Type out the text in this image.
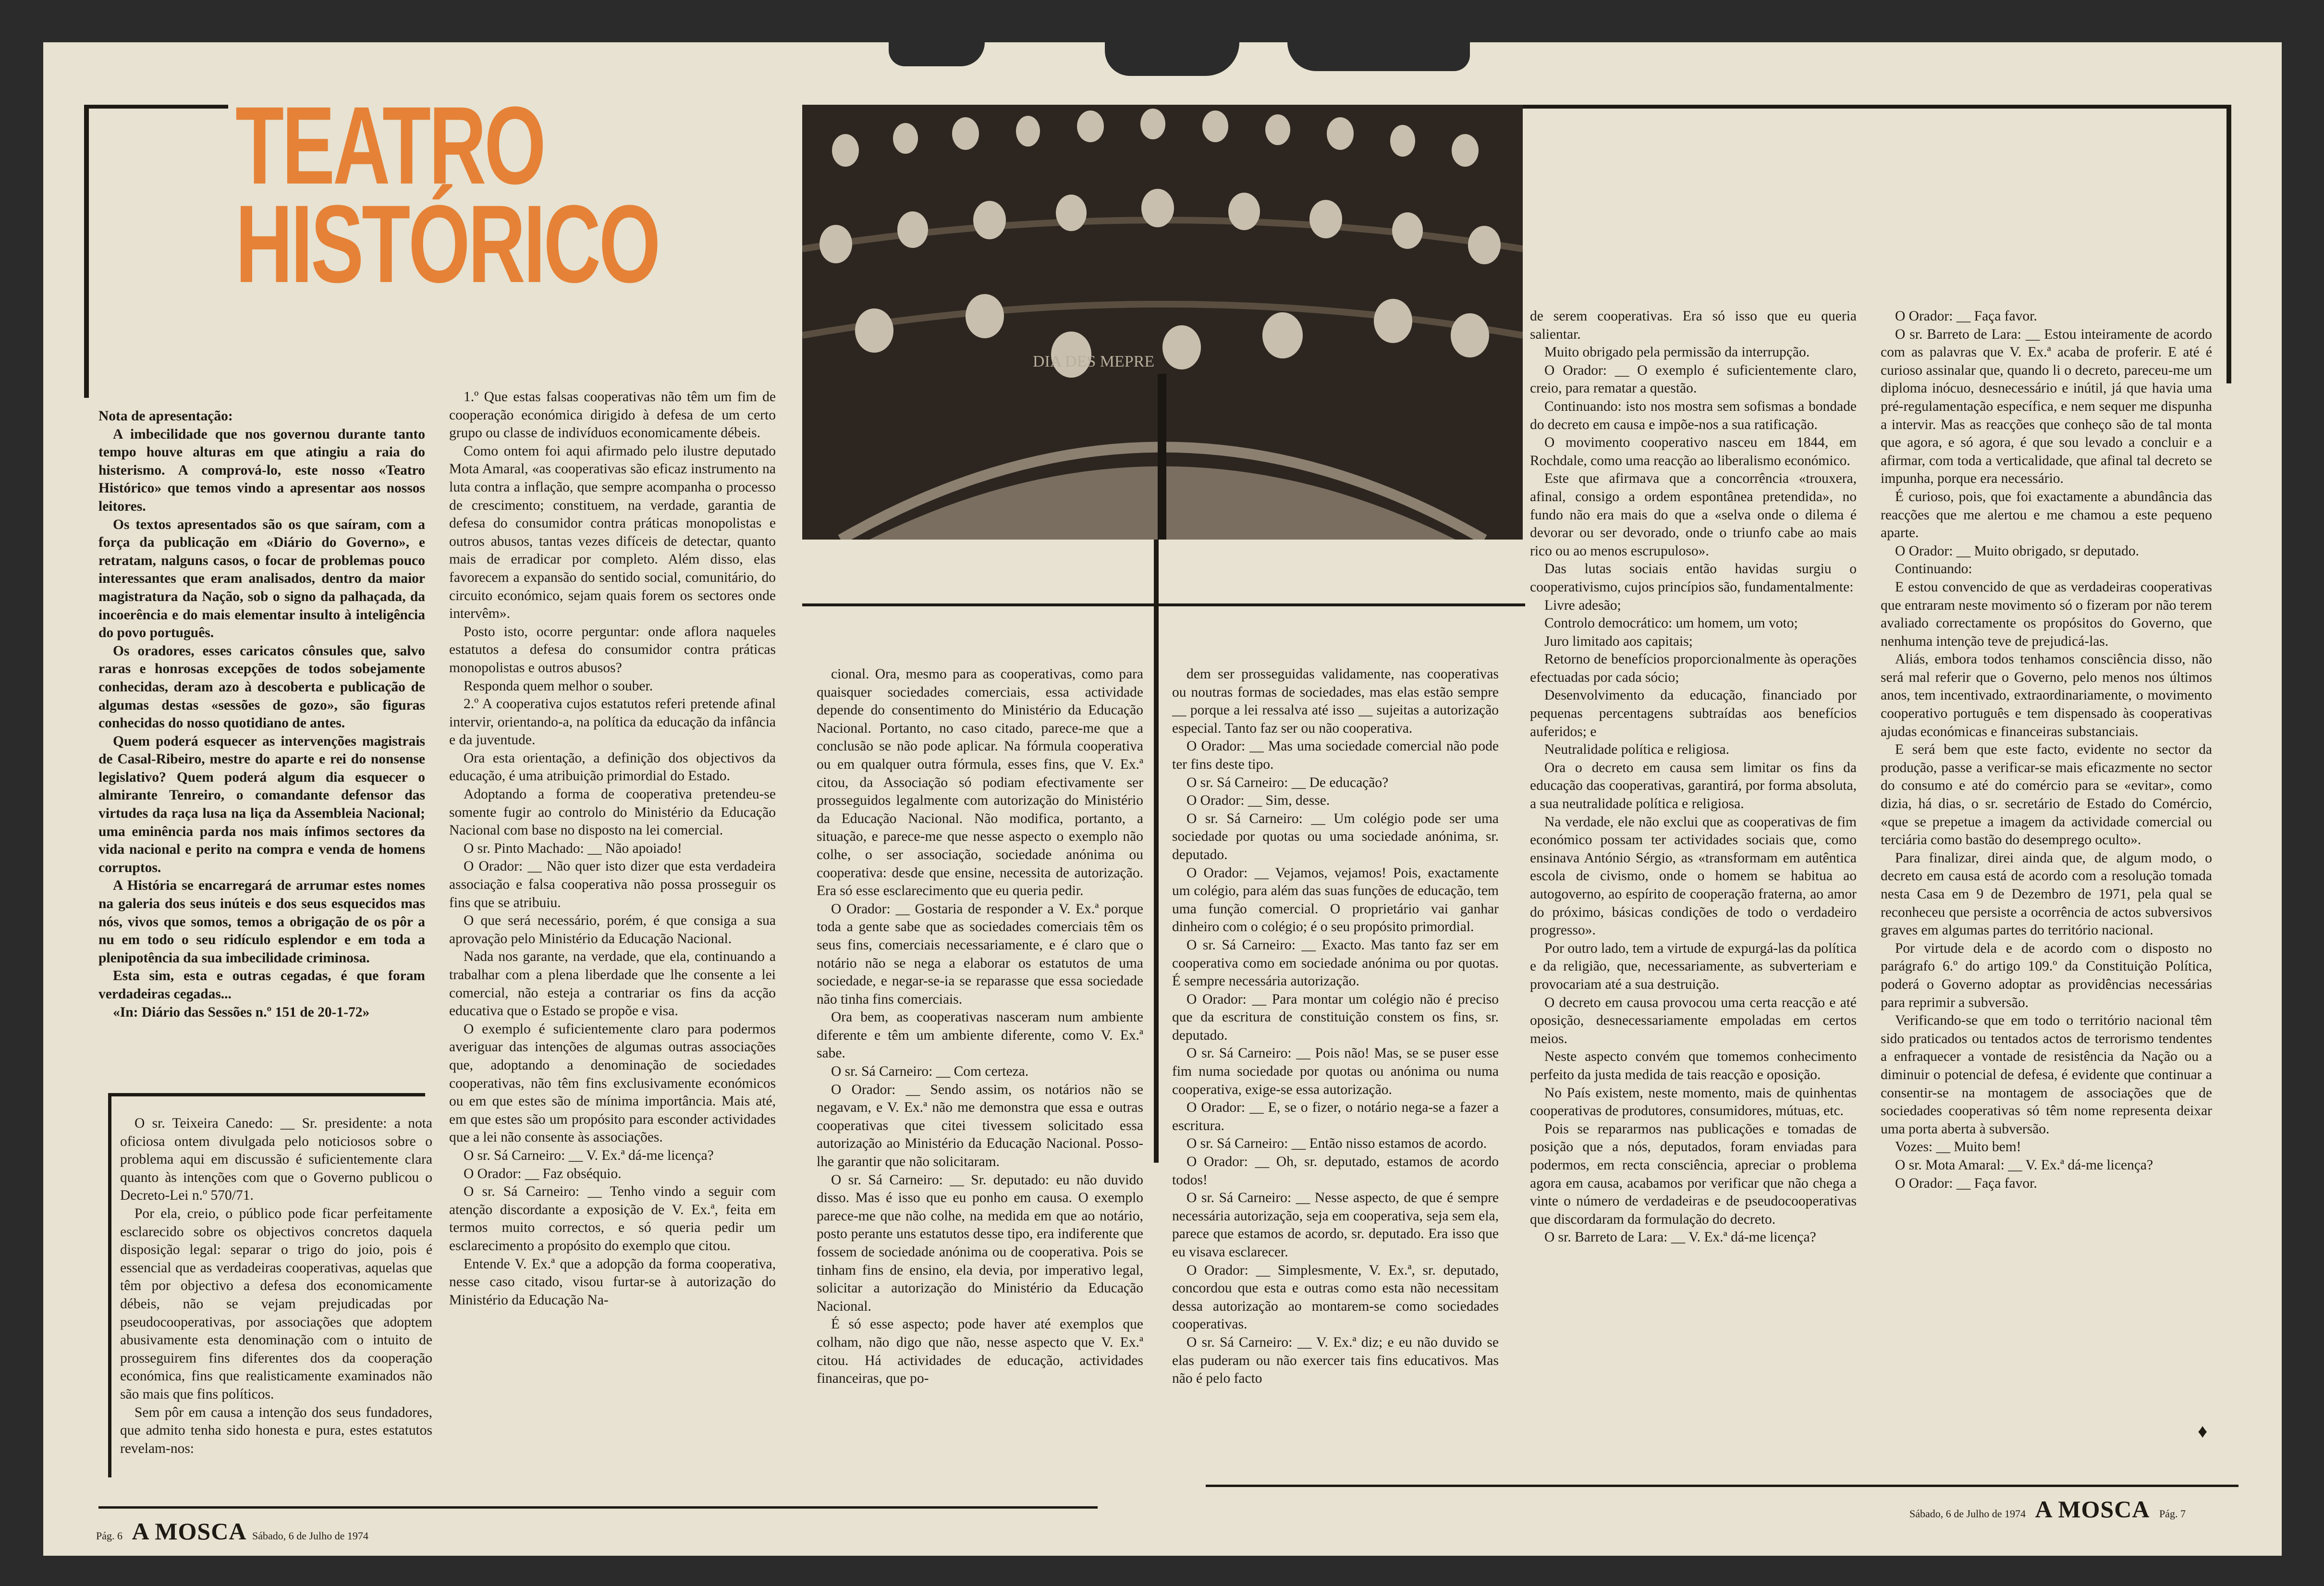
TEATRO
HISTÓRICO
DIA DES MEPRE

Nota de apresentação:

A imbecilidade que nos governou durante tanto tempo houve alturas em que atingiu a raia do histerismo. A comprová-lo, este nosso «Teatro Histórico» que temos vindo a apresentar aos nossos leitores.

Os textos apresentados são os que saíram, com a força da publicação em «Diário do Governo», e retratam, nalguns casos, o focar de problemas pouco interessantes que eram analisados, dentro da maior magistratura da Nação, sob o signo da palhaçada, da incoerência e do mais elementar insulto à inteligência do povo português.

Os oradores, esses caricatos cônsules que, salvo raras e honrosas excepções de todos sobejamente conhecidas, deram azo à descoberta e publicação de algumas destas «sessões de gozo», são figuras conhecidas do nosso quotidiano de antes.

Quem poderá esquecer as intervenções magistrais de Casal-Ribeiro, mestre do aparte e rei do nonsense legislativo? Quem poderá algum dia esquecer o almirante Tenreiro, o comandante defensor das virtudes da raça lusa na liça da Assembleia Nacional; uma eminência parda nos mais ínfimos sectores da vida nacional e perito na compra e venda de homens corruptos.

A História se encarregará de arrumar estes nomes na galeria dos seus inúteis e dos seus esquecidos mas nós, vivos que somos, temos a obrigação de os pôr a nu em todo o seu ridículo esplendor e em toda a plenipotência da sua imbecilidade criminosa.

Esta sim, esta e outras cegadas, é que foram verdadeiras cegadas...

«In: Diário das Sessões n.º 151 de 20-1-72»

O sr. Teixeira Canedo: __ Sr. presidente: a nota oficiosa ontem divulgada pelo noticiosos sobre o problema aqui em discussão é suficientemente clara quanto às intenções com que o Governo publicou o Decreto-Lei n.º 570/71.

Por ela, creio, o público pode ficar perfeitamente esclarecido sobre os objectivos concretos daquela disposição legal: separar o trigo do joio, pois é essencial que as verdadeiras cooperativas, aquelas que têm por objectivo a defesa dos economicamente débeis, não se vejam prejudicadas por pseudocooperativas, por associações que adoptem abusivamente esta denominação com o intuito de prosseguirem fins diferentes dos da cooperação económica, fins que realisticamente examinados não são mais que fins políticos.

Sem pôr em causa a intenção dos seus fundadores, que admito tenha sido honesta e pura, estes estatutos revelam-nos:

1.º Que estas falsas cooperativas não têm um fim de cooperação económica dirigido à defesa de um certo grupo ou classe de indivíduos economicamente débeis.

Como ontem foi aqui afirmado pelo ilustre deputado Mota Amaral, «as cooperativas são eficaz instrumento na luta contra a inflação, que sempre acompanha o processo de crescimento; constituem, na verdade, garantia de defesa do consumidor contra práticas monopolistas e outros abusos, tantas vezes difíceis de detectar, quanto mais de erradicar por completo. Além disso, elas favorecem a expansão do sentido social, comunitário, do circuito económico, sejam quais forem os sectores onde intervêm».

Posto isto, ocorre perguntar: onde aflora naqueles estatutos a defesa do consumidor contra práticas monopolistas e outros abusos?

Responda quem melhor o souber.

2.º A cooperativa cujos estatutos referi pretende afinal intervir, orientando-a, na política da educação da infância e da juventude.

Ora esta orientação, a definição dos objectivos da educação, é uma atribuição primordial do Estado.

Adoptando a forma de cooperativa pretendeu-se somente fugir ao controlo do Ministério da Educação Nacional com base no disposto na lei comercial.

O sr. Pinto Machado: __ Não apoiado!

O Orador: __ Não quer isto dizer que esta verdadeira associação e falsa cooperativa não possa prosseguir os fins que se atribuiu.

O que será necessário, porém, é que consiga a sua aprovação pelo Ministério da Educação Nacional.

Nada nos garante, na verdade, que ela, continuando a trabalhar com a plena liberdade que lhe consente a lei comercial, não esteja a contrariar os fins da acção educativa que o Estado se propõe e visa.

O exemplo é suficientemente claro para podermos averiguar das intenções de algumas outras associações que, adoptando a denominação de sociedades cooperativas, não têm fins exclusivamente económicos ou em que estes são de mínima importância. Mais até, em que estes são um propósito para esconder actividades que a lei não consente às associações.

O sr. Sá Carneiro: __ V. Ex.ª dá-me licença?

O Orador: __ Faz obséquio.

O sr. Sá Carneiro: __ Tenho vindo a seguir com atenção discordante a exposição de V. Ex.ª, feita em termos muito correctos, e só queria pedir um esclarecimento a propósito do exemplo que citou.

Entende V. Ex.ª que a adopção da forma cooperativa, nesse caso citado, visou furtar-se à autorização do Ministério da Educação Na-

cional. Ora, mesmo para as cooperativas, como para quaisquer sociedades comerciais, essa actividade depende do consentimento do Ministério da Educação Nacional. Portanto, no caso citado, parece-me que a conclusão se não pode aplicar. Na fórmula cooperativa ou em qualquer outra fórmula, esses fins, que V. Ex.ª citou, da Associação só podiam efectivamente ser prosseguidos legalmente com autorização do Ministério da Educação Nacional. Não modifica, portanto, a situação, e parece-me que nesse aspecto o exemplo não colhe, o ser associação, sociedade anónima ou cooperativa: desde que ensine, necessita de autorização. Era só esse esclarecimento que eu queria pedir.

O Orador: __ Gostaria de responder a V. Ex.ª porque toda a gente sabe que as sociedades comerciais têm os seus fins, comerciais necessariamente, e é claro que o notário não se nega a elaborar os estatutos de uma sociedade, e negar-se-ia se reparasse que essa sociedade não tinha fins comerciais.

Ora bem, as cooperativas nasceram num ambiente diferente e têm um ambiente diferente, como V. Ex.ª sabe.

O sr. Sá Carneiro: __ Com certeza.

O Orador: __ Sendo assim, os notários não se negavam, e V. Ex.ª não me demonstra que essa e outras cooperativas que citei tivessem solicitado essa autorização ao Ministério da Educação Nacional. Posso-lhe garantir que não solicitaram.

O sr. Sá Carneiro: __ Sr. deputado: eu não duvido disso. Mas é isso que eu ponho em causa. O exemplo parece-me que não colhe, na medida em que ao notário, posto perante uns estatutos desse tipo, era indiferente que fossem de sociedade anónima ou de cooperativa. Pois se tinham fins de ensino, ela devia, por imperativo legal, solicitar a autorização do Ministério da Educação Nacional.

É só esse aspecto; pode haver até exemplos que colham, não digo que não, nesse aspecto que V. Ex.ª citou. Há actividades de educação, actividades financeiras, que po-

dem ser prosseguidas validamente, nas cooperativas ou noutras formas de sociedades, mas elas estão sempre __ porque a lei ressalva até isso __ sujeitas a autorização especial. Tanto faz ser ou não cooperativa.

O Orador: __ Mas uma sociedade comercial não pode ter fins deste tipo.

O sr. Sá Carneiro: __ De educação?

O Orador: __ Sim, desse.

O sr. Sá Carneiro: __ Um colégio pode ser uma sociedade por quotas ou uma sociedade anónima, sr. deputado.

O Orador: __ Vejamos, vejamos! Pois, exactamente um colégio, para além das suas funções de educação, tem uma função comercial. O proprietário vai ganhar dinheiro com o colégio; é o seu propósito primordial.

O sr. Sá Carneiro: __ Exacto. Mas tanto faz ser em cooperativa como em sociedade anónima ou por quotas. É sempre necessária autorização.

O Orador: __ Para montar um colégio não é preciso que da escritura de constituição constem os fins, sr. deputado.

O sr. Sá Carneiro: __ Pois não! Mas, se se puser esse fim numa sociedade por quotas ou anónima ou numa cooperativa, exige-se essa autorização.

O Orador: __ E, se o fizer, o notário nega-se a fazer a escritura.

O sr. Sá Carneiro: __ Então nisso estamos de acordo.

O Orador: __ Oh, sr. deputado, estamos de acordo todos!

O sr. Sá Carneiro: __ Nesse aspecto, de que é sempre necessária autorização, seja em cooperativa, seja sem ela, parece que estamos de acordo, sr. deputado. Era isso que eu visava esclarecer.

O Orador: __ Simplesmente, V. Ex.ª, sr. deputado, concordou que esta e outras como esta não necessitam dessa autorização ao montarem-se como sociedades cooperativas.

O sr. Sá Carneiro: __ V. Ex.ª diz; e eu não duvido se elas puderam ou não exercer tais fins educativos. Mas não é pelo facto

de serem cooperativas. Era só isso que eu queria salientar.

Muito obrigado pela permissão da interrupção.

O Orador: __ O exemplo é suficientemente claro, creio, para rematar a questão.

Continuando: isto nos mostra sem sofismas a bondade do decreto em causa e impõe-nos a sua ratificação.

O movimento cooperativo nasceu em 1844, em Rochdale, como uma reacção ao liberalismo económico.

Este que afirmava que a concorrência «trouxera, afinal, consigo a ordem espontânea pretendida», no fundo não era mais do que a «selva onde o dilema é devorar ou ser devorado, onde o triunfo cabe ao mais rico ou ao menos escrupuloso».

Das lutas sociais então havidas surgiu o cooperativismo, cujos princípios são, fundamentalmente:

Livre adesão;

Controlo democrático: um homem, um voto;

Juro limitado aos capitais;

Retorno de benefícios proporcionalmente às operações efectuadas por cada sócio;

Desenvolvimento da educação, financiado por pequenas percentagens subtraídas aos benefícios auferidos; e

Neutralidade política e religiosa.

Ora o decreto em causa sem limitar os fins da educação das cooperativas, garantirá, por forma absoluta, a sua neutralidade política e religiosa.

Na verdade, ele não exclui que as cooperativas de fim económico possam ter actividades sociais que, como ensinava António Sérgio, as «transformam em autêntica escola de civismo, onde o homem se habitua ao autogoverno, ao espírito de cooperação fraterna, ao amor do próximo, básicas condições de todo o verdadeiro progresso».

Por outro lado, tem a virtude de expurgá-las da política e da religião, que, necessariamente, as subverteriam e provocariam até a sua destruição.

O decreto em causa provocou uma certa reacção e até oposição, desnecessariamente empoladas em certos meios.

Neste aspecto convém que tomemos conhecimento perfeito da justa medida de tais reacção e oposição.

No País existem, neste momento, mais de quinhentas cooperativas de produtores, consumidores, mútuas, etc.

Pois se repararmos nas publicações e tomadas de posição que a nós, deputados, foram enviadas para podermos, em recta consciência, apreciar o problema agora em causa, acabamos por verificar que não chega a vinte o número de verdadeiras e de pseudocooperativas que discordaram da formulação do decreto.

O sr. Barreto de Lara: __ V. Ex.ª dá-me licença?

O Orador: __ Faça favor.

O sr. Barreto de Lara: __ Estou inteiramente de acordo com as palavras que V. Ex.ª acaba de proferir. E até é curioso assinalar que, quando li o decreto, pareceu-me um diploma inócuo, desnecessário e inútil, já que havia uma pré-regulamentação específica, e nem sequer me dispunha a intervir. Mas as reacções que conheço são de tal monta que agora, e só agora, é que sou levado a concluir e a afirmar, com toda a verticalidade, que afinal tal decreto se impunha, porque era necessário.

É curioso, pois, que foi exactamente a abundância das reacções que me alertou e me chamou a este pequeno aparte.

O Orador: __ Muito obrigado, sr deputado.

Continuando:

E estou convencido de que as verdadeiras cooperativas que entraram neste movimento só o fizeram por não terem avaliado correctamente os propósitos do Governo, que nenhuma intenção teve de prejudicá-las.

Aliás, embora todos tenhamos consciência disso, não será mal referir que o Governo, pelo menos nos últimos anos, tem incentivado, extraordinariamente, o movimento cooperativo português e tem dispensado às cooperativas ajudas económicas e financeiras substanciais.

E será bem que este facto, evidente no sector da produção, passe a verificar-se mais eficazmente no sector do consumo e até do comércio para se «evitar», como dizia, há dias, o sr. secretário de Estado do Comércio, «que se prepetue a imagem da actividade comercial ou terciária como bastão do desemprego oculto».

Para finalizar, direi ainda que, de algum modo, o decreto em causa está de acordo com a resolução tomada nesta Casa em 9 de Dezembro de 1971, pela qual se reconheceu que persiste a ocorrência de actos subversivos graves em algumas partes do território nacional.

Por virtude dela e de acordo com o disposto no parágrafo 6.º do artigo 109.º da Constituição Política, poderá o Governo adoptar as providências necessárias para reprimir a subversão.

Verificando-se que em todo o território nacional têm sido praticados ou tentados actos de terrorismo tendentes a enfraquecer a vontade de resistência da Nação ou a diminuir o potencial de defesa, é evidente que continuar a consentir-se na montagem de associações que de sociedades cooperativas só têm nome representa deixar uma porta aberta à subversão.

Vozes: __ Muito bem!

O sr. Mota Amaral: __ V. Ex.ª dá-me licença?

O Orador: __ Faça favor.

♦
Pág. 6 A MOSCA Sábado, 6 de Julho de 1974
Sábado, 6 de Julho de 1974 A MOSCA Pág. 7
